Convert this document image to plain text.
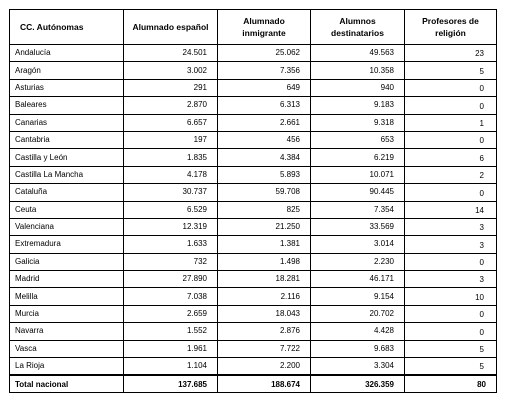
CC. Autónomas	Alumnado español	Alumnado inmigrante	Alumnos destinatarios	Profesores de religión
Andalucía	24.501	25.062	49.563	23
Aragón	3.002	7.356	10.358	5
Asturias	291	649	940	0
Baleares	2.870	6.313	9.183	0
Canarias	6.657	2.661	9.318	1
Cantabria	197	456	653	0
Castilla y León	1.835	4.384	6.219	6
Castilla La Mancha	4.178	5.893	10.071	2
Cataluña	30.737	59.708	90.445	0
Ceuta	6.529	825	7.354	14
Valenciana	12.319	21.250	33.569	3
Extremadura	1.633	1.381	3.014	3
Galicia	732	1.498	2.230	0
Madrid	27.890	18.281	46.171	3
Melilla	7.038	2.116	9.154	10
Murcia	2.659	18.043	20.702	0
Navarra	1.552	2.876	4.428	0
Vasca	1.961	7.722	9.683	5
La Rioja	1.104	2.200	3.304	5
Total nacional	137.685	188.674	326.359	80
